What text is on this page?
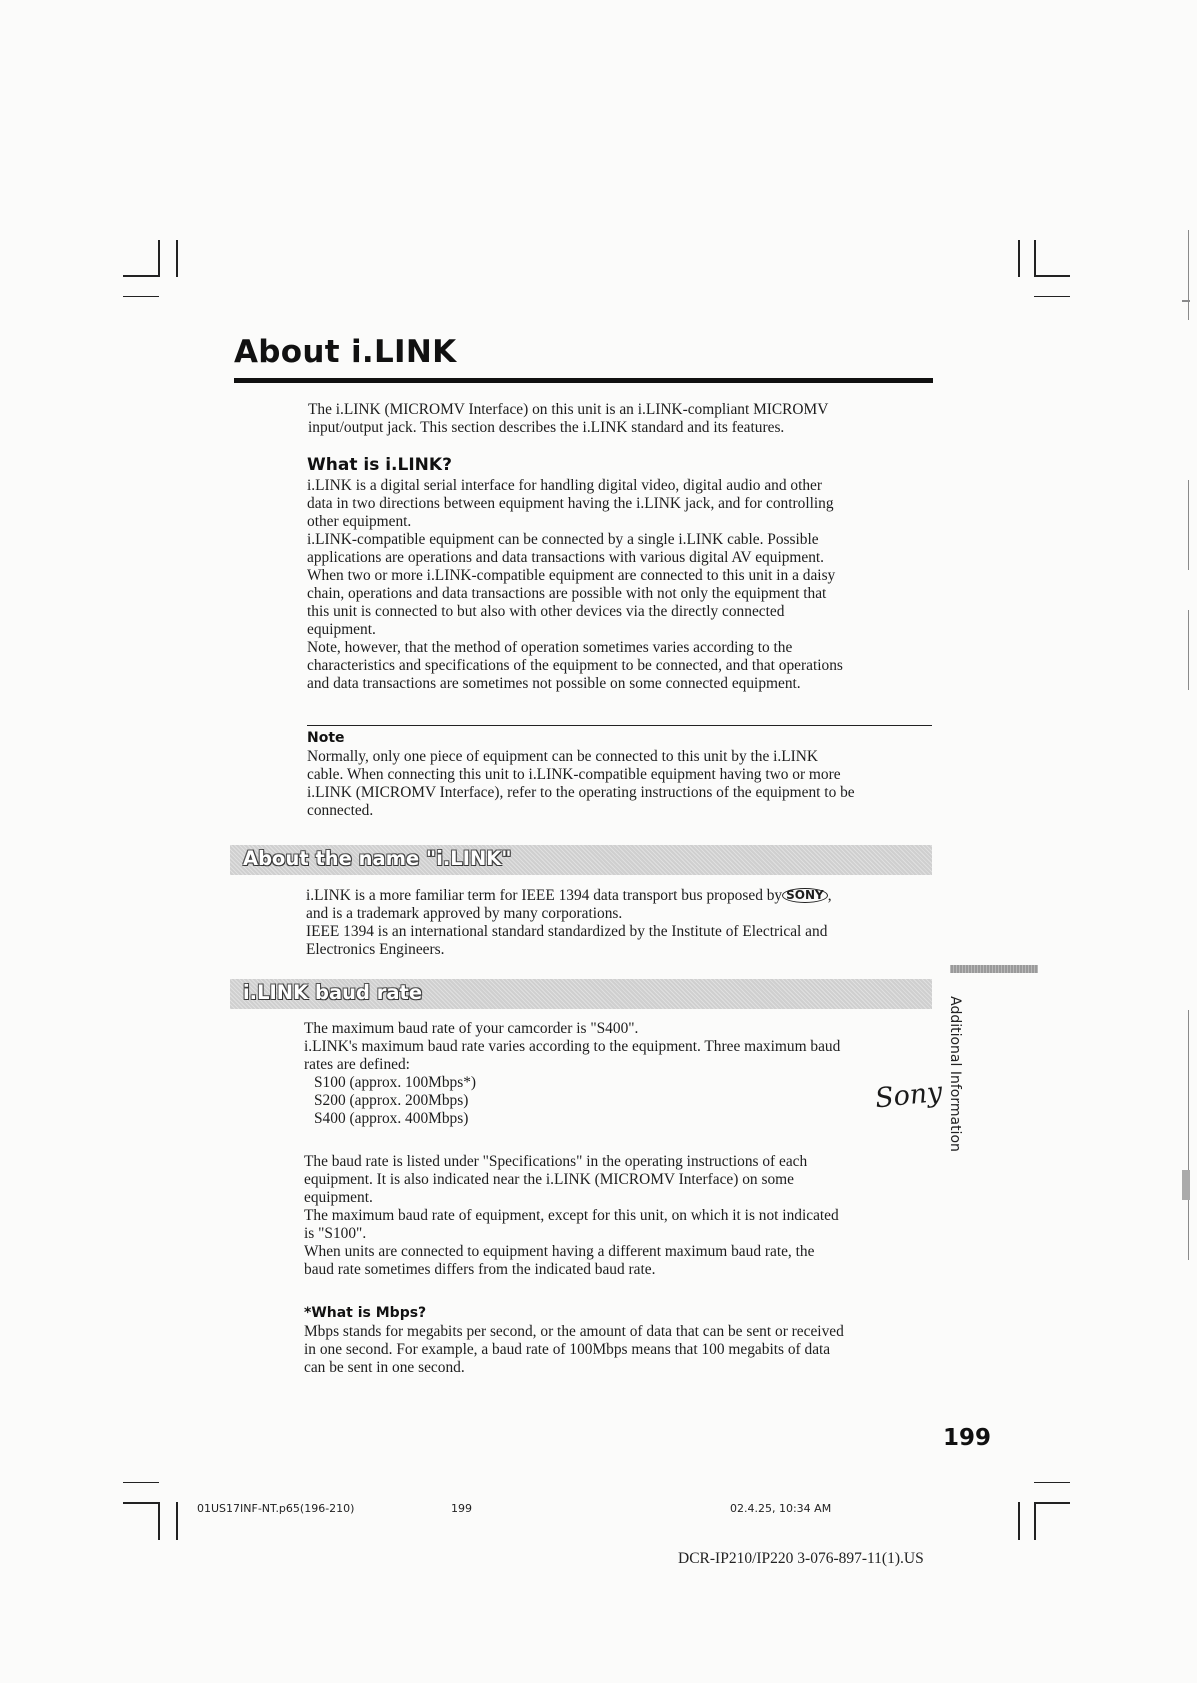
About i.LINK

The i.LINK (MICROMV Interface) on this unit is an i.LINK-compliant MICROMV

input/output jack. This section describes the i.LINK standard and its features.

What is i.LINK?

i.LINK is a digital serial interface for handling digital video, digital audio and other

data in two directions between equipment having the i.LINK jack, and for controlling

other equipment.

i.LINK-compatible equipment can be connected by a single i.LINK cable. Possible

applications are operations and data transactions with various digital AV equipment.

When two or more i.LINK-compatible equipment are connected to this unit in a daisy

chain, operations and data transactions are possible with not only the equipment that

this unit is connected to but also with other devices via the directly connected

equipment.

Note, however, that the method of operation sometimes varies according to the

characteristics and specifications of the equipment to be connected, and that operations

and data transactions are sometimes not possible on some connected equipment.

Note

Normally, only one piece of equipment can be connected to this unit by the i.LINK

cable. When connecting this unit to i.LINK-compatible equipment having two or more

i.LINK (MICROMV Interface), refer to the operating instructions of the equipment to be

connected.

About the name "i.LINK"

i.LINK is a more familiar term for IEEE 1394 data transport bus proposed by SONY ,

and is a trademark approved by many corporations.

IEEE 1394 is an international standard standardized by the Institute of Electrical and

Electronics Engineers.

Sony
i.LINK baud rate

The maximum baud rate of your camcorder is "S400".

i.LINK's maximum baud rate varies according to the equipment. Three maximum baud

rates are defined:

S100 (approx. 100Mbps*)

S200 (approx. 200Mbps)

S400 (approx. 400Mbps)

The baud rate is listed under "Specifications" in the operating instructions of each

equipment. It is also indicated near the i.LINK (MICROMV Interface) on some

equipment.

The maximum baud rate of equipment, except for this unit, on which it is not indicated

is "S100".

When units are connected to equipment having a different maximum baud rate, the

baud rate sometimes differs from the indicated baud rate.

*What is Mbps?

Mbps stands for megabits per second, or the amount of data that can be sent or received

in one second. For example, a baud rate of 100Mbps means that 100 megabits of data

can be sent in one second.

Additional Information
199
01US17INF-NT.p65(196-210)	199	02.4.25, 10:34 AM
DCR-IP210/IP220 3-076-897-11(1).US
